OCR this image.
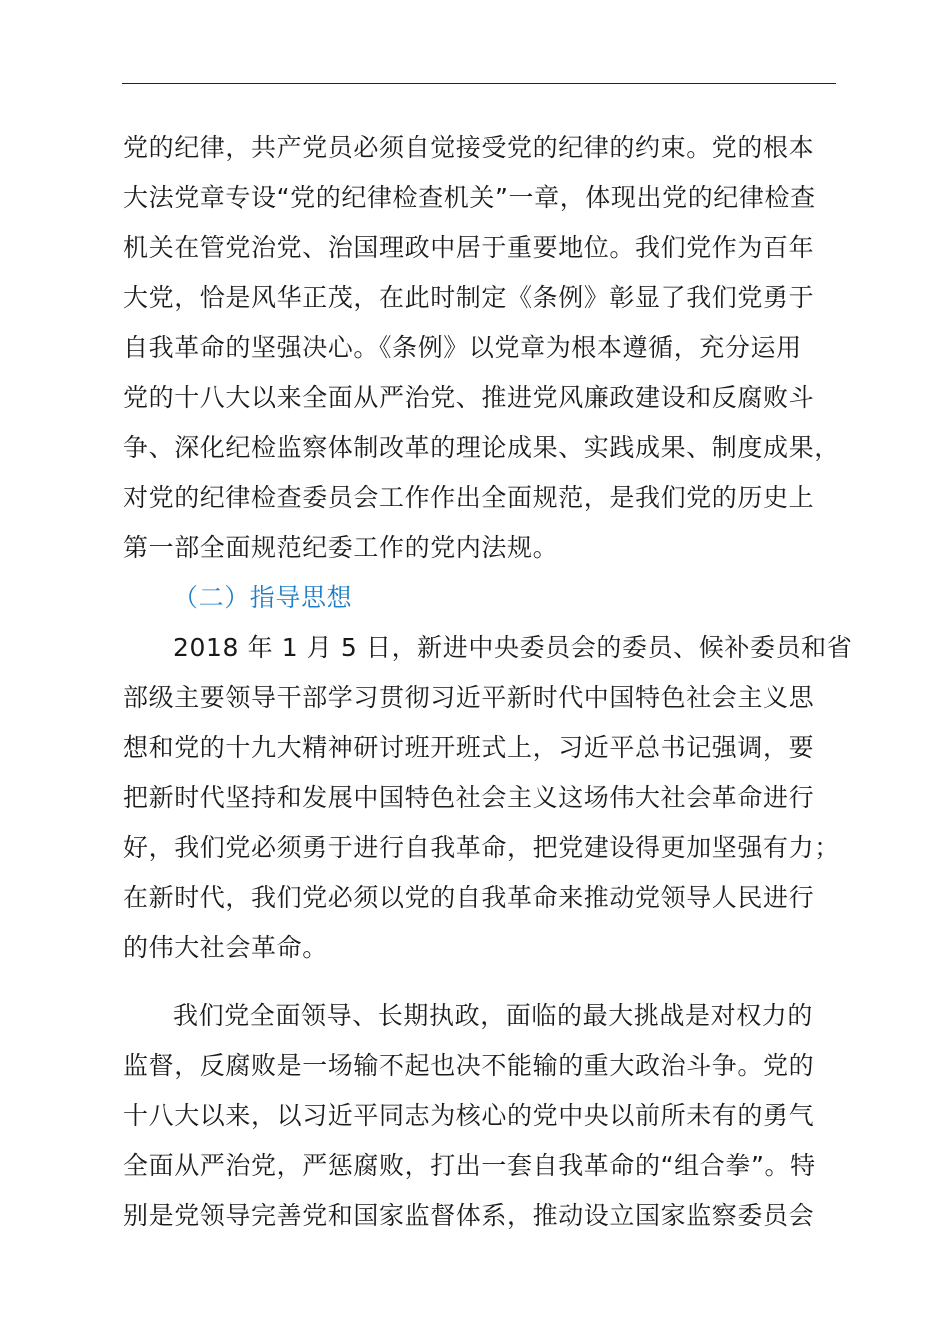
党的纪律，共产党员必须自觉接受党的纪律的约束。党的根本
大法党章专设“党的纪律检查机关”一章，体现出党的纪律检查
机关在管党治党、治国理政中居于重要地位。我们党作为百年
大党，恰是风华正茂，在此时制定《条例》彰显了我们党勇于
自我革命的坚强决心。《条例》以党章为根本遵循，充分运用
党的十八大以来全面从严治党、推进党风廉政建设和反腐败斗
争、深化纪检监察体制改革的理论成果、实践成果、制度成果，
对党的纪律检查委员会工作作出全面规范，是我们党的历史上
第一部全面规范纪委工作的党内法规。
（二）指导思想
2018 年 1 月 5 日，新进中央委员会的委员、候补委员和省
部级主要领导干部学习贯彻习近平新时代中国特色社会主义思
想和党的十九大精神研讨班开班式上，习近平总书记强调，要
把新时代坚持和发展中国特色社会主义这场伟大社会革命进行
好，我们党必须勇于进行自我革命，把党建设得更加坚强有力；
在新时代，我们党必须以党的自我革命来推动党领导人民进行
的伟大社会革命。
我们党全面领导、长期执政，面临的最大挑战是对权力的
监督，反腐败是一场输不起也决不能输的重大政治斗争。党的
十八大以来，以习近平同志为核心的党中央以前所未有的勇气
全面从严治党，严惩腐败，打出一套自我革命的“组合拳”。特
别是党领导完善党和国家监督体系，推动设立国家监察委员会
